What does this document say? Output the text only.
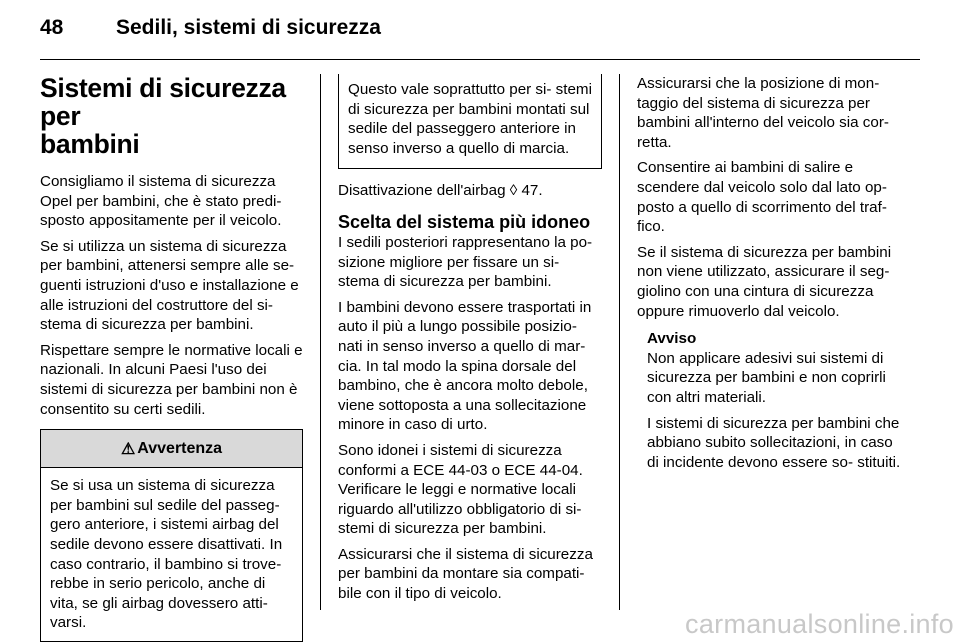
48	Sedili, sistemi di sicurezza
Sistemi di sicurezza per
bambini

Consigliamo il sistema di sicurezza Opel per bambini, che è stato predi- sposto appositamente per il veicolo.

Se si utilizza un sistema di sicurezza per bambini, attenersi sempre alle se- guenti istruzioni d'uso e installazione e alle istruzioni del costruttore del si- stema di sicurezza per bambini.

Rispettare sempre le normative locali e nazionali. In alcuni Paesi l'uso dei sistemi di sicurezza per bambini non è consentito su certi sedili.

⚠ Avvertenza

Se si usa un sistema di sicurezza per bambini sul sedile del passeg- gero anteriore, i sistemi airbag del sedile devono essere disattivati. In caso contrario, il bambino si trove- rebbe in serio pericolo, anche di vita, se gli airbag dovessero atti- varsi.

Questo vale soprattutto per si- stemi di sicurezza per bambini montati sul sedile del passeggero anteriore in senso inverso a quello di marcia.

Disattivazione dell'airbag ◊ 47.

Scelta del sistema più idoneo

I sedili posteriori rappresentano la po- sizione migliore per fissare un si- stema di sicurezza per bambini.

I bambini devono essere trasportati in auto il più a lungo possibile posizio- nati in senso inverso a quello di mar- cia. In tal modo la spina dorsale del bambino, che è ancora molto debole, viene sottoposta a una sollecitazione minore in caso di urto.

Sono idonei i sistemi di sicurezza conformi a ECE 44-03 o ECE 44-04. Verificare le leggi e normative locali riguardo all'utilizzo obbligatorio di si- stemi di sicurezza per bambini.

Assicurarsi che il sistema di sicurezza per bambini da montare sia compati- bile con il tipo di veicolo.

Assicurarsi che la posizione di mon- taggio del sistema di sicurezza per bambini all'interno del veicolo sia cor- retta.

Consentire ai bambini di salire e scendere dal veicolo solo dal lato op- posto a quello di scorrimento del traf- fico.

Se il sistema di sicurezza per bambini non viene utilizzato, assicurare il seg- giolino con una cintura di sicurezza oppure rimuoverlo dal veicolo.

Avviso

Non applicare adesivi sui sistemi di sicurezza per bambini e non coprirli con altri materiali.

I sistemi di sicurezza per bambini che abbiano subito sollecitazioni, in caso di incidente devono essere so- stituiti.

carmanualsonline.info
